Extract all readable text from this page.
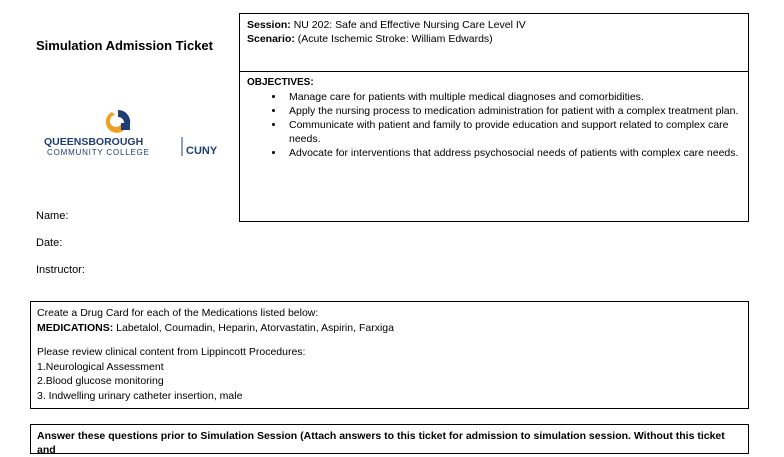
Simulation Admission Ticket
QUEENSBOROUGH
COMMUNITY COLLEGE	CUNY
Name:
Date:
Instructor:
Session: NU 202: Safe and Effective Nursing Care Level IV
Scenario: (Acute Ischemic Stroke: William Edwards)
OBJECTIVES:
• Manage care for patients with multiple medical diagnoses and comorbidities.
• Apply the nursing process to medication administration for patient with a complex treatment plan.
• Communicate with patient and family to provide education and support related to complex care needs.
• Advocate for interventions that address psychosocial needs of patients with complex care needs.
Create a Drug Card for each of the Medications listed below:
MEDICATIONS: Labetalol, Coumadin, Heparin, Atorvastatin, Aspirin, Farxiga
Please review clinical content from Lippincott Procedures:
1.Neurological Assessment
2.Blood glucose monitoring
3. Indwelling urinary catheter insertion, male
Answer these questions prior to Simulation Session (Attach answers to this ticket for admission to simulation session. Without this ticket and
